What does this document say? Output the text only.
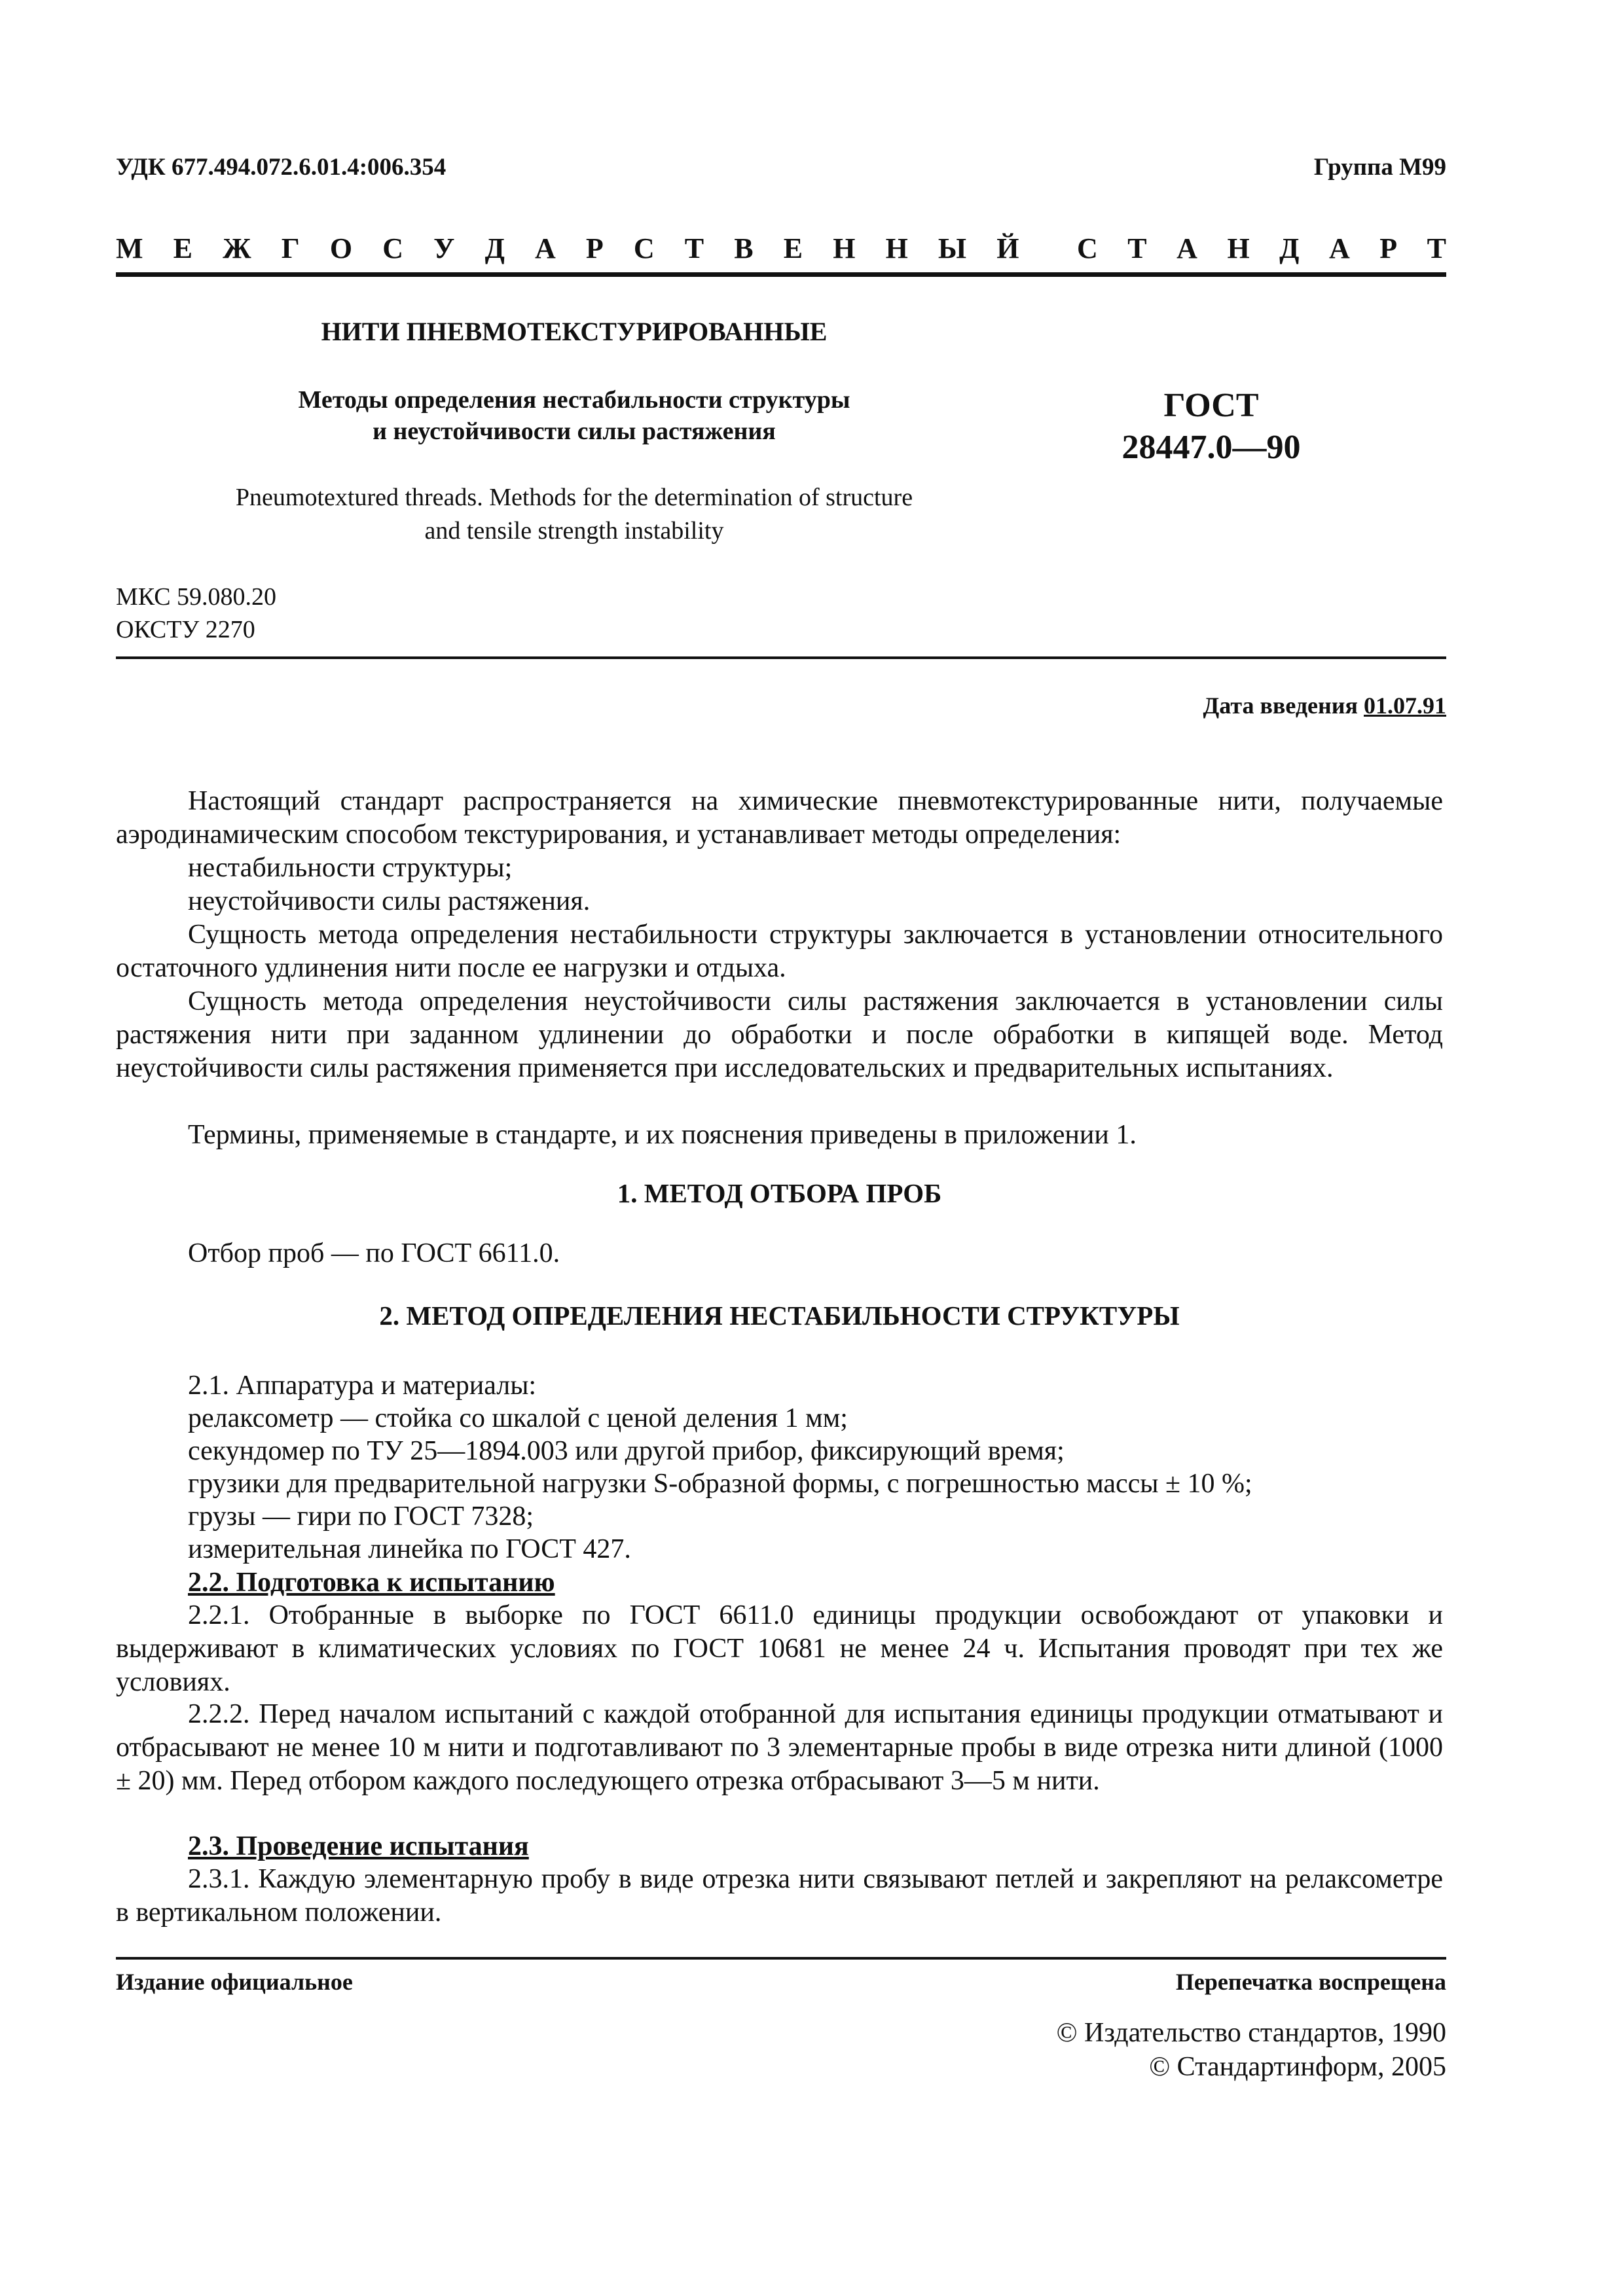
УДК 677.494.072.6.01.4:006.354	Группа М99
М Е Ж Г О С У Д А Р С Т В Е Н Н Ы Й С Т А Н Д А Р Т
НИТИ ПНЕВМОТЕКСТУРИРОВАННЫЕ
Методы определения нестабильности структуры
и неустойчивости силы растяжения
ГОСТ
28447.0—90
Pneumotextured threads. Methods for the determination of structure
and tensile strength instability
МКС 59.080.20
ОКСТУ 2270
Дата введения 01.07.91
Настоящий стандарт распространяется на химические пневмотекстурированные нити, получаемые аэродинамическим способом текстурирования, и устанавливает методы определения:
нестабильности структуры;
неустойчивости силы растяжения.
Сущность метода определения нестабильности структуры заключается в установлении относительного остаточного удлинения нити после ее нагрузки и отдыха.
Сущность метода определения неустойчивости силы растяжения заключается в установлении силы растяжения нити при заданном удлинении до обработки и после обработки в кипящей воде. Метод неустойчивости силы растяжения применяется при исследовательских и предварительных испытаниях.
Термины, применяемые в стандарте, и их пояснения приведены в приложении 1.
1. МЕТОД ОТБОРА ПРОБ
Отбор проб — по ГОСТ 6611.0.
2. МЕТОД ОПРЕДЕЛЕНИЯ НЕСТАБИЛЬНОСТИ СТРУКТУРЫ
2.1. Аппаратура и материалы:
релаксометр — стойка со шкалой с ценой деления 1 мм;
секундомер по ТУ 25—1894.003 или другой прибор, фиксирующий время;
грузики для предварительной нагрузки S-образной формы, с погрешностью массы ± 10 %;
грузы — гири по ГОСТ 7328;
измерительная линейка по ГОСТ 427.
2.2. Подготовка к испытанию
2.2.1. Отобранные в выборке по ГОСТ 6611.0 единицы продукции освобождают от упаковки и выдерживают в климатических условиях по ГОСТ 10681 не менее 24 ч. Испытания проводят при тех же условиях.
2.2.2. Перед началом испытаний с каждой отобранной для испытания единицы продукции отматывают и отбрасывают не менее 10 м нити и подготавливают по 3 элементарные пробы в виде отрезка нити длиной (1000 ± 20) мм. Перед отбором каждого последующего отрезка отбрасывают 3—5 м нити.
2.3. Проведение испытания
2.3.1. Каждую элементарную пробу в виде отрезка нити связывают петлей и закрепляют на релаксометре в вертикальном положении.
Издание официальное	Перепечатка воспрещена
© Издательство стандартов, 1990
© Стандартинформ, 2005
